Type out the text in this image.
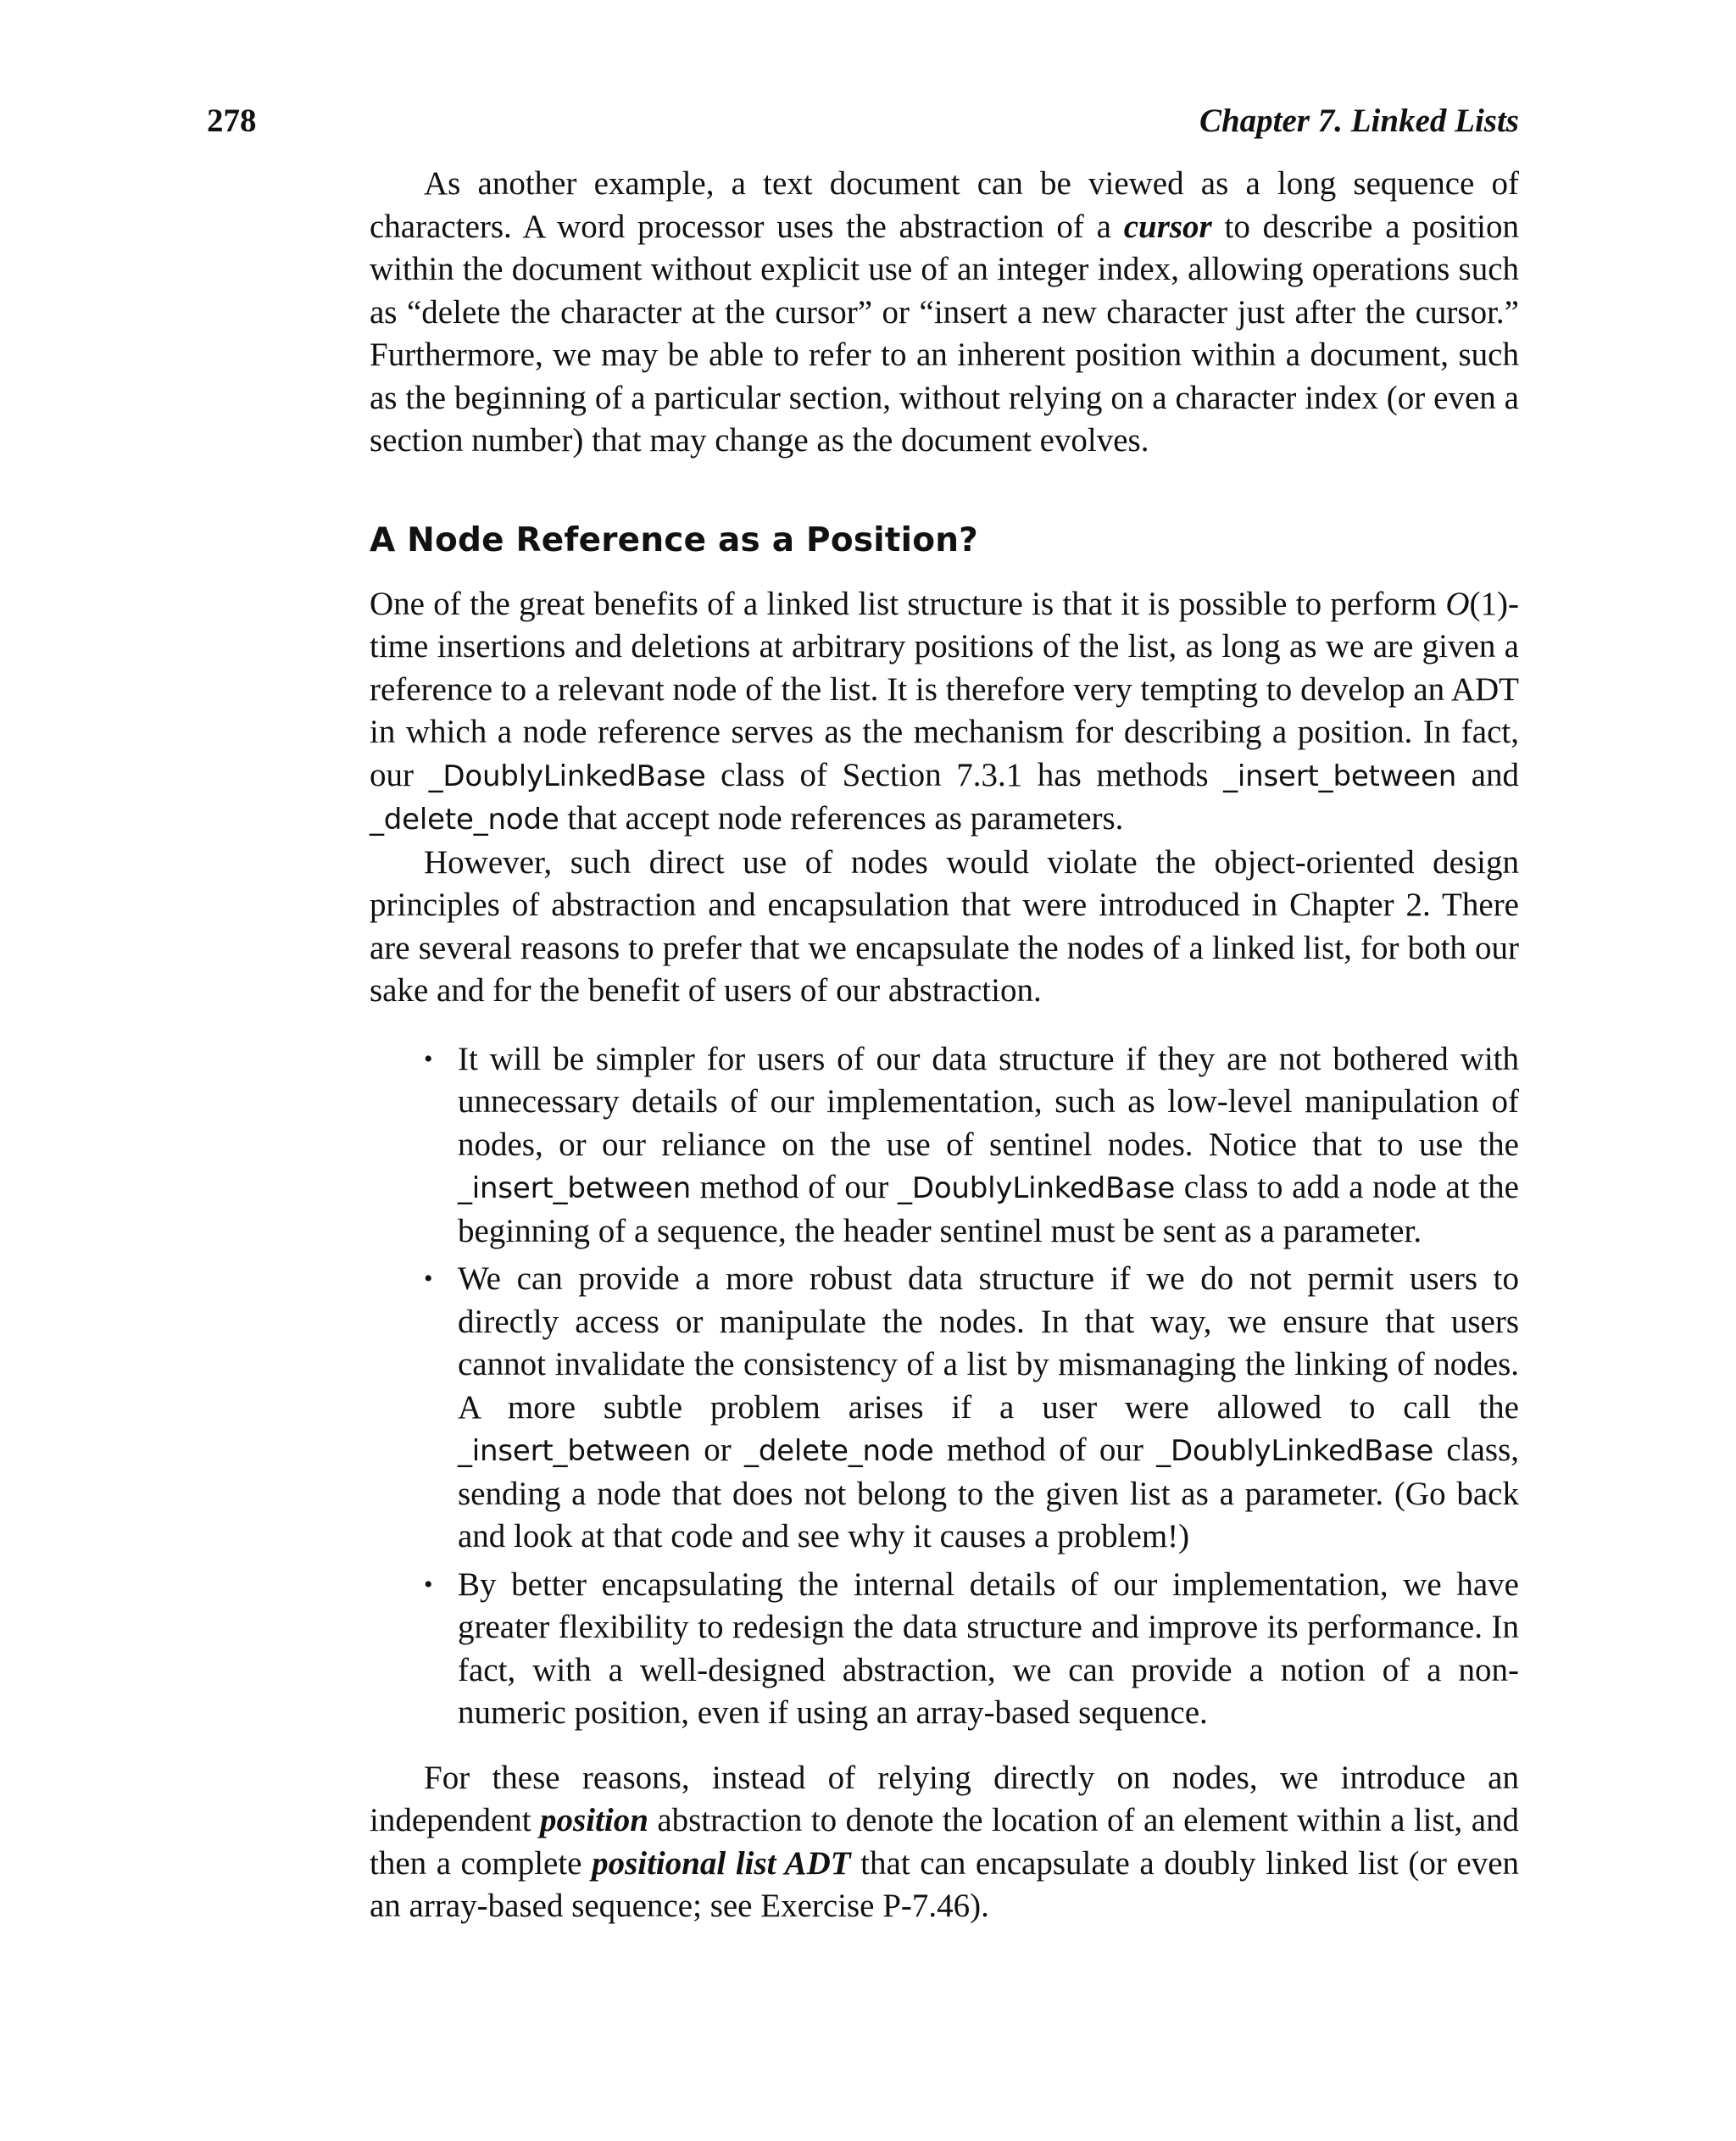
278	Chapter 7. Linked Lists

As another example, a text document can be viewed as a long sequence of characters. A word processor uses the abstraction of a cursor to describe a position within the document without explicit use of an integer index, allowing operations such as “delete the character at the cursor” or “insert a new character just after the cursor.” Furthermore, we may be able to refer to an inherent position within a document, such as the beginning of a particular section, without relying on a character index (or even a section number) that may change as the document evolves.

A Node Reference as a Position?

One of the great benefits of a linked list structure is that it is possible to perform O(1)-time insertions and deletions at arbitrary positions of the list, as long as we are given a reference to a relevant node of the list. It is therefore very tempting to develop an ADT in which a node reference serves as the mechanism for describing a position. In fact, our _DoublyLinkedBase class of Section 7.3.1 has methods _insert_between and _delete_node that accept node references as parameters.

However, such direct use of nodes would violate the object-oriented design principles of abstraction and encapsulation that were introduced in Chapter 2. There are several reasons to prefer that we encapsulate the nodes of a linked list, for both our sake and for the benefit of users of our abstraction.

• It will be simpler for users of our data structure if they are not bothered with unnecessary details of our implementation, such as low-level manipulation of nodes, or our reliance on the use of sentinel nodes. Notice that to use the _insert_between method of our _DoublyLinkedBase class to add a node at the beginning of a sequence, the header sentinel must be sent as a parameter.
• We can provide a more robust data structure if we do not permit users to directly access or manipulate the nodes. In that way, we ensure that users cannot invalidate the consistency of a list by mismanaging the linking of nodes. A more subtle problem arises if a user were allowed to call the _insert_between or _delete_node method of our _DoublyLinkedBase class, sending a node that does not belong to the given list as a parameter. (Go back and look at that code and see why it causes a problem!)
• By better encapsulating the internal details of our implementation, we have greater flexibility to redesign the data structure and improve its performance. In fact, with a well-designed abstraction, we can provide a notion of a non-numeric position, even if using an array-based sequence.

For these reasons, instead of relying directly on nodes, we introduce an independent position abstraction to denote the location of an element within a list, and then a complete positional list ADT that can encapsulate a doubly linked list (or even an array-based sequence; see Exercise P-7.46).
